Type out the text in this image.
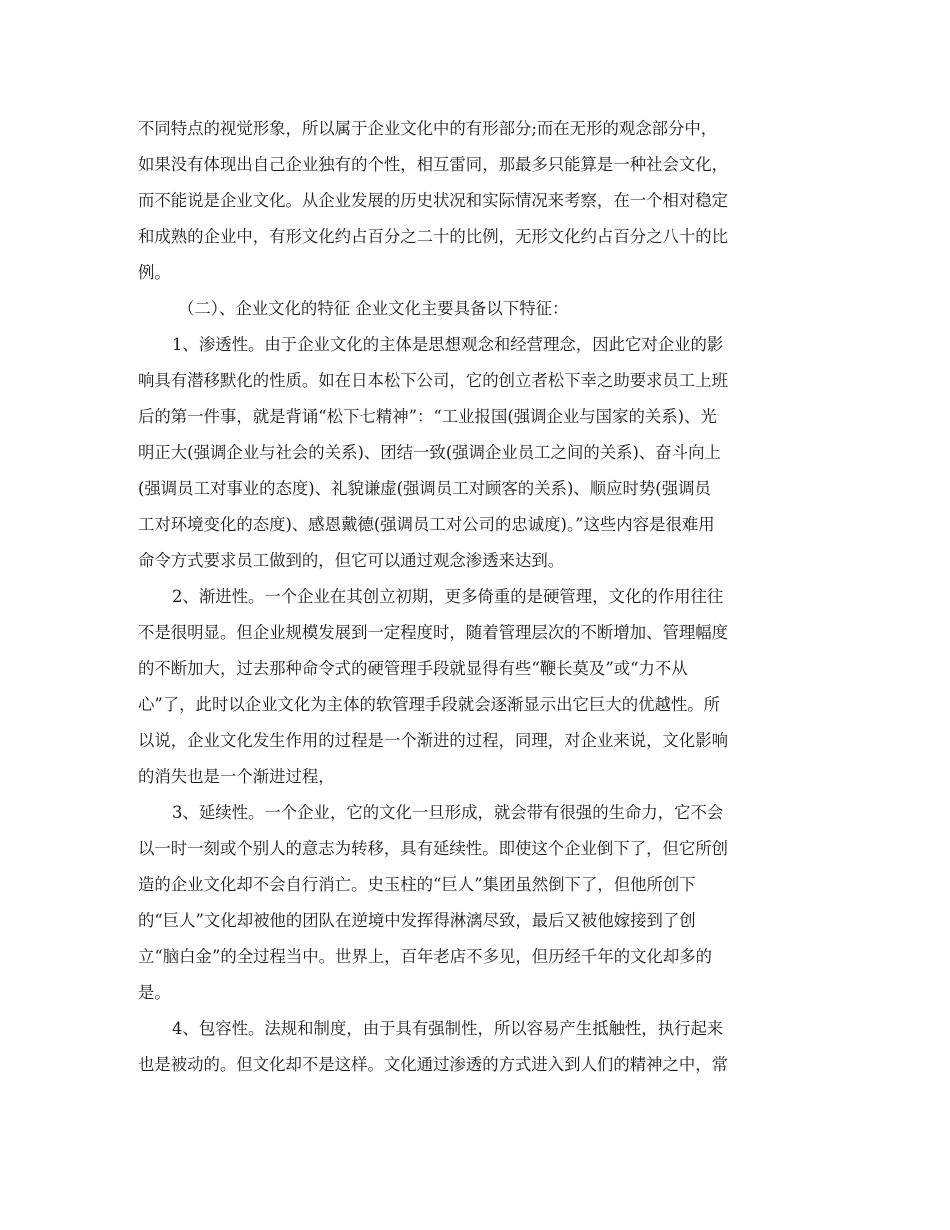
不同特点的视觉形象，所以属于企业文化中的有形部分;而在无形的观念部分中，
如果没有体现出自己企业独有的个性，相互雷同，那最多只能算是一种社会文化，
而不能说是企业文化。从企业发展的历史状况和实际情况来考察，在一个相对稳定
和成熟的企业中，有形文化约占百分之二十的比例，无形文化约占百分之八十的比
例。
（二）、企业文化的特征 企业文化主要具备以下特征：
1、渗透性。由于企业文化的主体是思想观念和经营理念，因此它对企业的影
响具有潜移默化的性质。如在日本松下公司，它的创立者松下幸之助要求员工上班
后的第一件事，就是背诵“松下七精神”：“工业报国(强调企业与国家的关系)、光
明正大(强调企业与社会的关系)、团结一致(强调企业员工之间的关系)、奋斗向上
(强调员工对事业的态度)、礼貌谦虚(强调员工对顾客的关系)、顺应时势(强调员
工对环境变化的态度)、感恩戴德(强调员工对公司的忠诚度)。”这些内容是很难用
命令方式要求员工做到的，但它可以通过观念渗透来达到。
2、渐进性。一个企业在其创立初期，更多倚重的是硬管理，文化的作用往往
不是很明显。但企业规模发展到一定程度时，随着管理层次的不断增加、管理幅度
的不断加大，过去那种命令式的硬管理手段就显得有些“鞭长莫及”或“力不从
心”了，此时以企业文化为主体的软管理手段就会逐渐显示出它巨大的优越性。所
以说，企业文化发生作用的过程是一个渐进的过程，同理，对企业来说，文化影响
的消失也是一个渐进过程，
3、延续性。一个企业，它的文化一旦形成，就会带有很强的生命力，它不会
以一时一刻或个别人的意志为转移，具有延续性。即使这个企业倒下了，但它所创
造的企业文化却不会自行消亡。史玉柱的“巨人”集团虽然倒下了，但他所创下
的“巨人”文化却被他的团队在逆境中发挥得淋漓尽致，最后又被他嫁接到了创
立“脑白金”的全过程当中。世界上，百年老店不多见，但历经千年的文化却多的
是。
4、包容性。法规和制度，由于具有强制性，所以容易产生抵触性，执行起来
也是被动的。但文化却不是这样。文化通过渗透的方式进入到人们的精神之中，常
